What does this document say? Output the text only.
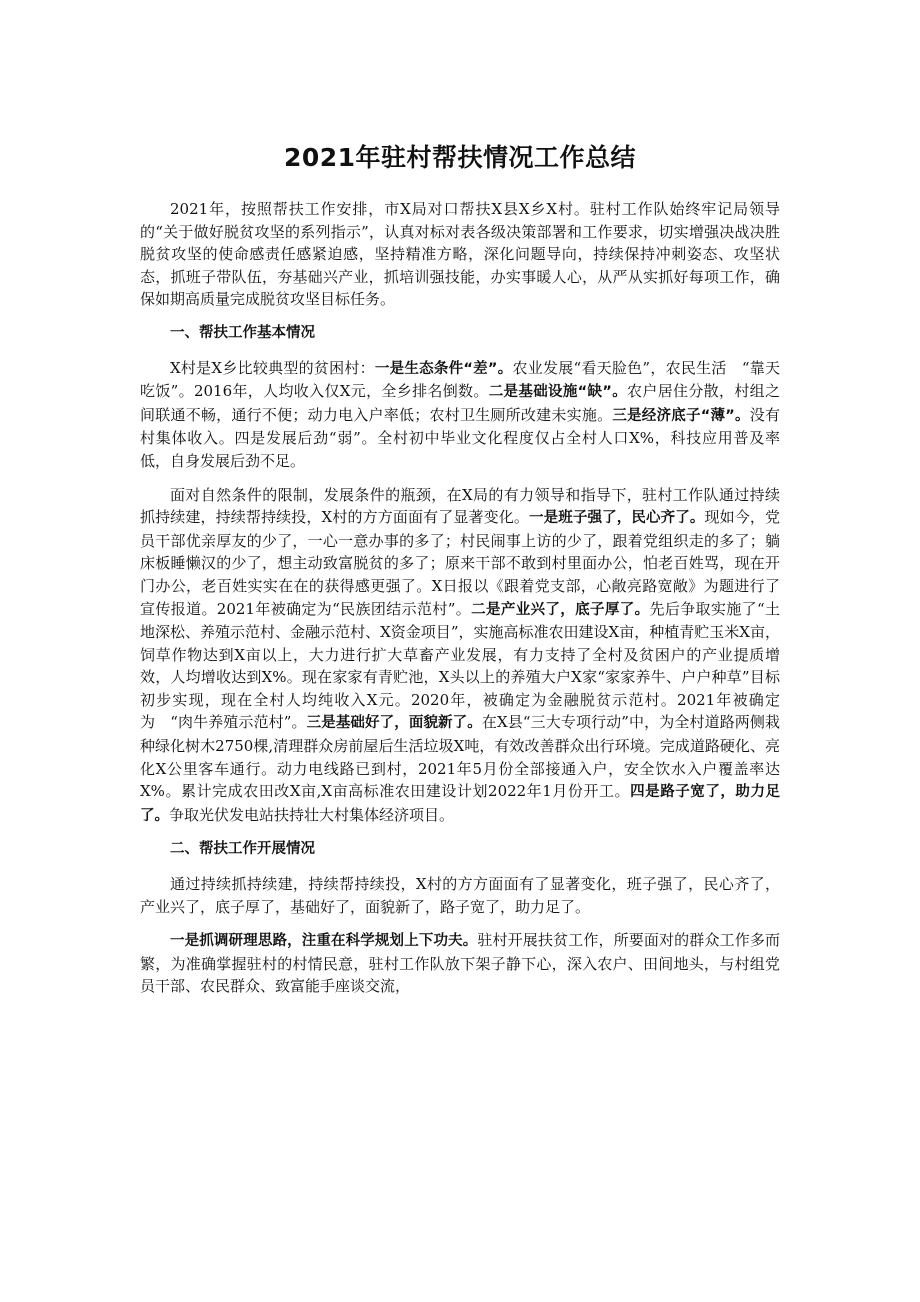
2021年驻村帮扶情况工作总结

2021年，按照帮扶工作安排，市X局对口帮扶X县X乡X村。驻村工作队始终牢记局领导的“关于做好脱贫攻坚的系列指示”，认真对标对表各级决策部署和工作要求，切实增强决战决胜脱贫攻坚的使命感责任感紧迫感，坚持精准方略，深化问题导向，持续保持冲刺姿态、攻坚状态，抓班子带队伍，夯基础兴产业，抓培训强技能，办实事暖人心，从严从实抓好每项工作，确保如期高质量完成脱贫攻坚目标任务。

一、帮扶工作基本情况

X村是X乡比较典型的贫困村：一是生态条件“差”。农业发展“看天脸色”，农民生活　“靠天吃饭”。2016年，人均收入仅X元，全乡排名倒数。二是基础设施“缺”。农户居住分散，村组之间联通不畅，通行不便；动力电入户率低；农村卫生厕所改建未实施。三是经济底子“薄”。没有村集体收入。四是发展后劲“弱”。全村初中毕业文化程度仅占全村人口X%，科技应用普及率低，自身发展后劲不足。

面对自然条件的限制，发展条件的瓶颈，在X局的有力领导和指导下，驻村工作队通过持续抓持续建，持续帮持续投，X村的方方面面有了显著变化。一是班子强了，民心齐了。现如今，党员干部优亲厚友的少了，一心一意办事的多了；村民闹事上访的少了，跟着党组织走的多了；躺床板睡懒汉的少了，想主动致富脱贫的多了；原来干部不敢到村里面办公，怕老百姓骂，现在开门办公，老百姓实实在在的获得感更强了。X日报以《跟着党支部，心敞亮路宽敞》为题进行了宣传报道。2021年被确定为“民族团结示范村”。二是产业兴了，底子厚了。先后争取实施了“土地深松、养殖示范村、金融示范村、X资金项目”，实施高标准农田建设X亩，种植青贮玉米X亩，饲草作物达到X亩以上，大力进行扩大草畜产业发展，有力支持了全村及贫困户的产业提质增效，人均增收达到X%。现在家家有青贮池，X头以上的养殖大户X家“家家养牛、户户种草”目标初步实现，现在全村人均纯收入X元。2020年，被确定为金融脱贫示范村。2021年被确定为　“肉牛养殖示范村”。三是基础好了，面貌新了。在X县“三大专项行动”中，为全村道路两侧栽种绿化树木2750棵,清理群众房前屋后生活垃圾X吨，有效改善群众出行环境。完成道路硬化、亮化X公里客车通行。动力电线路已到村，2021年5月份全部接通入户，安全饮水入户覆盖率达X%。累计完成农田改X亩,X亩高标准农田建设计划2022年1月份开工。四是路子宽了，助力足了。争取光伏发电站扶持壮大村集体经济项目。

二、帮扶工作开展情况

通过持续抓持续建，持续帮持续投，X村的方方面面有了显著变化，班子强了，民心齐了，产业兴了，底子厚了，基础好了，面貌新了，路子宽了，助力足了。

一是抓调研理思路，注重在科学规划上下功夫。驻村开展扶贫工作，所要面对的群众工作多而繁，为准确掌握驻村的村情民意，驻村工作队放下架子静下心，深入农户、田间地头，与村组党员干部、农民群众、致富能手座谈交流，
